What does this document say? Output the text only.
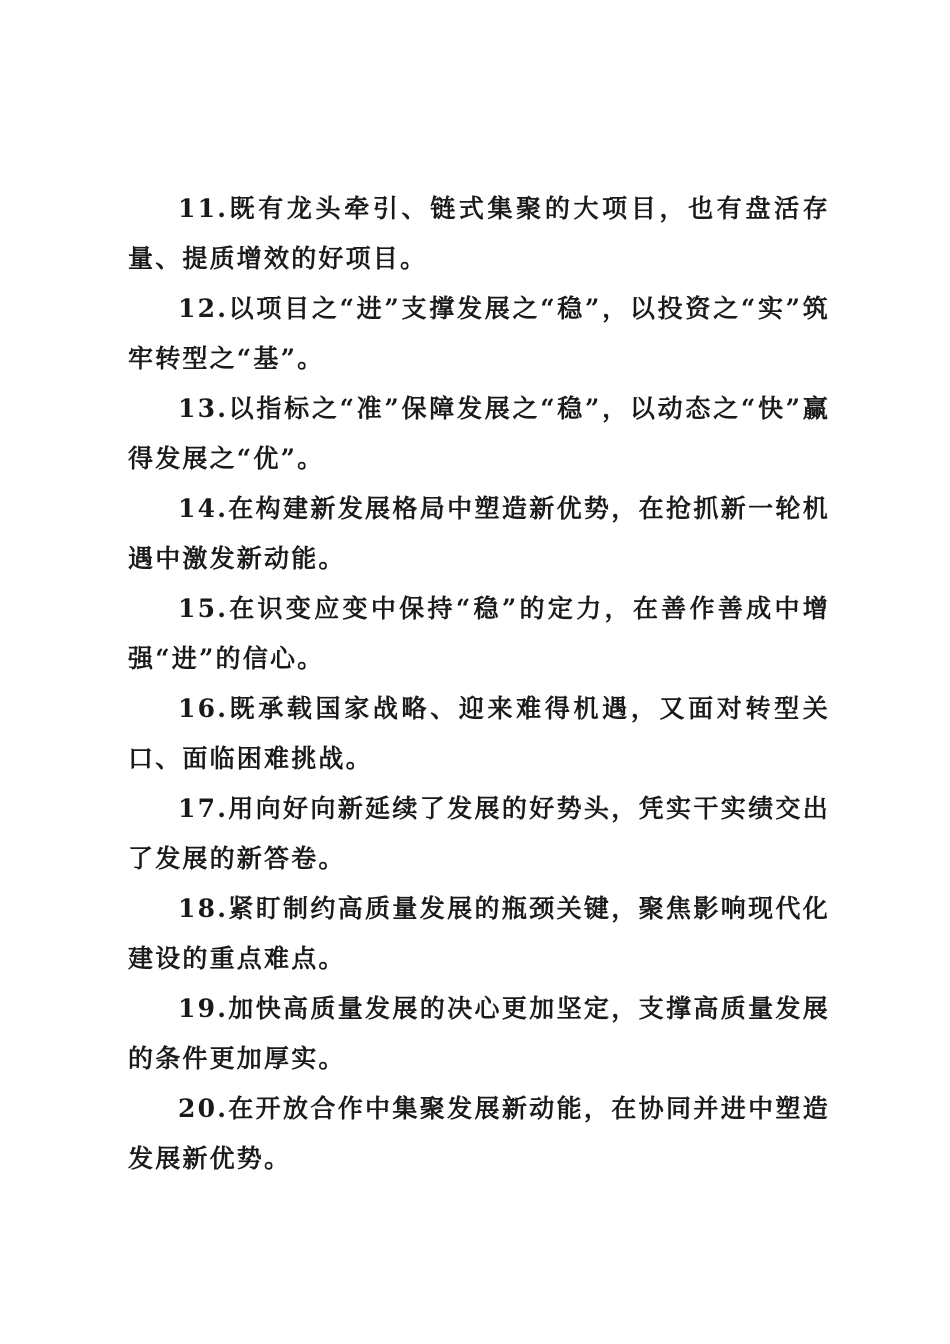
11.既有龙头牵引、链式集聚的大项目，也有盘活存量、提质增效的好项目。

12.以项目之“进”支撑发展之“稳”，以投资之“实”筑牢转型之“基”。

13.以指标之“准”保障发展之“稳”，以动态之“快”赢得发展之“优”。

14.在构建新发展格局中塑造新优势，在抢抓新一轮机遇中激发新动能。

15.在识变应变中保持“稳”的定力，在善作善成中增强“进”的信心。

16.既承载国家战略、迎来难得机遇，又面对转型关口、面临困难挑战。

17.用向好向新延续了发展的好势头，凭实干实绩交出了发展的新答卷。

18.紧盯制约高质量发展的瓶颈关键，聚焦影响现代化建设的重点难点。

19.加快高质量发展的决心更加坚定，支撑高质量发展的条件更加厚实。

20.在开放合作中集聚发展新动能，在协同并进中塑造发展新优势。
